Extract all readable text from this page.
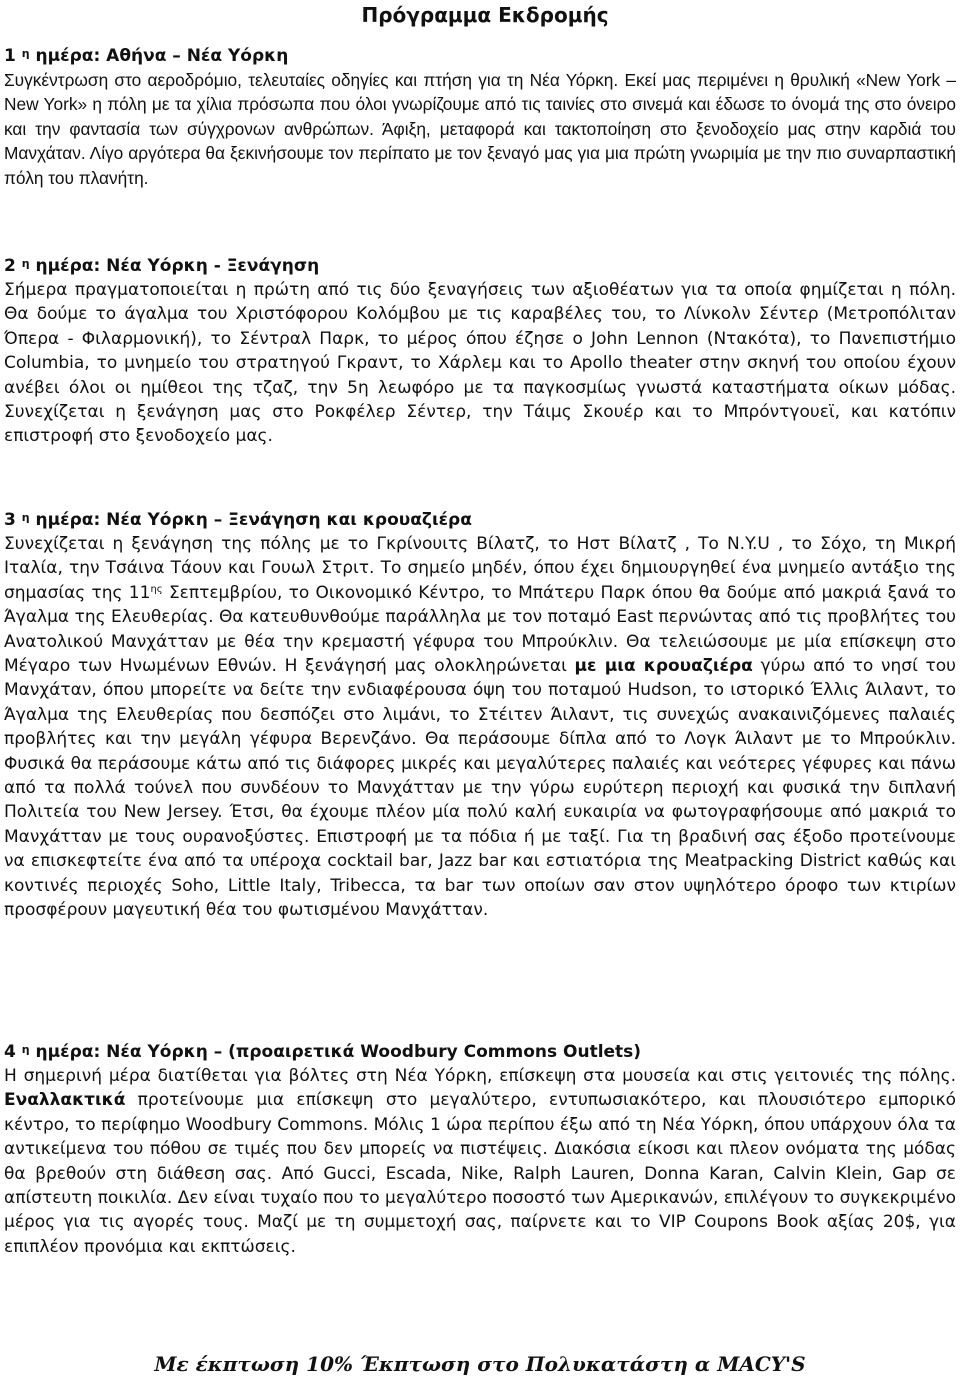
Πρόγραμμα Εκδρομής
1 $^\eta$ ημέρα: Αθήνα – Νέα Υόρκη

Συγκέντρωση στο αεροδρόμιο, τελευταίες οδηγίες και πτήση για τη Νέα Υόρκη. Εκεί μας περιμένει η θρυλική «New York –New York» η πόλη με τα χίλια πρόσωπα που όλοι γνωρίζουμε από τις ταινίες στο σινεμά και έδωσε το όνομά της στο όνειρο και την φαντασία των σύγχρονων ανθρώπων. Άφιξη, μεταφορά και τακτοποίηση στο ξενοδοχείο μας στην καρδιά του Μανχάταν. Λίγο αργότερα θα ξεκινήσουμε τον περίπατο με τον ξεναγό μας για μια πρώτη γνωριμία με την πιο συναρπαστική πόλη του πλανήτη.

2 $^\eta$ ημέρα: Νέα Υόρκη - Ξενάγηση

Σήμερα πραγματοποιείται η πρώτη από τις δύο ξεναγήσεις των αξιοθέατων για τα οποία φημίζεται η πόλη. Θα δούμε το άγαλμα του Χριστόφορου Κολόμβου με τις καραβέλες του, το Λίνκολν Σέντερ (Μετροπόλιταν Όπερα - Φιλαρμονική), το Σέντραλ Παρκ, το μέρος όπου έζησε ο John Lennon (Ντακότα), το Πανεπιστήμιο Columbia, το μνημείο του στρατηγού Γκραντ, το Χάρλεμ και το Apollo theater στην σκηνή του οποίου έχουν ανέβει όλοι οι ημίθεοι της τζαζ, την 5η λεωφόρο με τα παγκοσμίως γνωστά καταστήματα οίκων μόδας. Συνεχίζεται η ξενάγηση μας στο Ροκφέλερ Σέντερ, την Τάιμς Σκουέρ και το Μπρόντγουεϊ, και κατόπιν επιστροφή στο ξενοδοχείο μας.

3 $^\eta$ ημέρα: Νέα Υόρκη – Ξενάγηση και κρουαζιέρα

Συνεχίζεται η ξενάγηση της πόλης με το Γκρίνουιτς Βίλατζ, το Ηστ Βίλατζ , Το N.Y.U , το Σόχο, τη Μικρή Ιταλία, την Τσάινα Τάουν και Γουωλ Στριτ. Το σημείο μηδέν, όπου έχει δημιουργηθεί ένα μνημείο αντάξιο της σημασίας της $11^{\eta\varsigma}$ Σεπτεμβρίου, το Οικονομικό Κέντρο, το Μπάτερυ Παρκ όπου θα δούμε από μακριά ξανά το Άγαλμα της Ελευθερίας. Θα κατευθυνθούμε παράλληλα με τον ποταμό East περνώντας από τις προβλήτες του Ανατολικού Μανχάτταν με θέα την κρεμαστή γέφυρα του Μπρούκλιν. Θα τελειώσουμε με μία επίσκεψη στο Μέγαρο των Ηνωμένων Εθνών. Η ξενάγησή μας ολοκληρώνεται με μια κρουαζιέρα γύρω από το νησί του Μανχάταν, όπου μπορείτε να δείτε την ενδιαφέρουσα όψη του ποταμού Hudson, το ιστορικό Έλλις Άιλαντ, το Άγαλμα της Ελευθερίας που δεσπόζει στο λιμάνι, το Στέιτεν Άιλαντ, τις συνεχώς ανακαινιζόμενες παλαιές προβλήτες και την μεγάλη γέφυρα Βερενζάνο. Θα περάσουμε δίπλα από το Λογκ Άιλαντ με το Μπρούκλιν. Φυσικά θα περάσουμε κάτω από τις διάφορες μικρές και μεγαλύτερες παλαιές και νεότερες γέφυρες και πάνω από τα πολλά τούνελ που συνδέουν το Μανχάτταν με την γύρω ευρύτερη περιοχή και φυσικά την διπλανή Πολιτεία του New Jersey. Έτσι, θα έχουμε πλέον μία πολύ καλή ευκαιρία να φωτογραφήσουμε από μακριά το Μανχάτταν με τους ουρανοξύστες. Επιστροφή με τα πόδια ή με ταξί. Για τη βραδινή σας έξοδο προτείνουμε να επισκεφτείτε ένα από τα υπέροχα cocktail bar, Jazz bar και εστιατόρια της Meatpacking District καθώς και κοντινές περιοχές Soho, Little Italy, Tribecca, τα bar των οποίων σαν στον υψηλότερο όροφο των κτιρίων προσφέρουν μαγευτική θέα του φωτισμένου Μανχάτταν.

4 $^\eta$ ημέρα: Νέα Υόρκη – (προαιρετικά Woodbury Commons Outlets)

Η σημερινή μέρα διατίθεται για βόλτες στη Νέα Υόρκη, επίσκεψη στα μουσεία και στις γειτονιές της πόλης. Εναλλακτικά προτείνουμε μια επίσκεψη στο μεγαλύτερο, εντυπωσιακότερο, και πλουσιότερο εμπορικό κέντρο, το περίφημο Woodbury Commons. Μόλις 1 ώρα περίπου έξω από τη Νέα Υόρκη, όπου υπάρχουν όλα τα αντικείμενα του πόθου σε τιμές που δεν μπορείς να πιστέψεις. Διακόσια είκοσι και πλεον ονόματα της μόδας θα βρεθούν στη διάθεση σας. Από Gucci, Escada, Nike, Ralph Lauren, Donna Karan, Calvin Klein, Gap σε απίστευτη ποικιλία. Δεν είναι τυχαίο που το μεγαλύτερο ποσοστό των Αμερικανών, επιλέγουν το συγκεκριμένο μέρος για τις αγορές τους. Μαζί με τη συμμετοχή σας, παίρνετε και το VIP Coupons Book αξίας 20$, για επιπλέον προνόμια και εκπτώσεις.

Με έκπτωση 10% Έκπτωση στο Πολυκατάστη α MACY'S
